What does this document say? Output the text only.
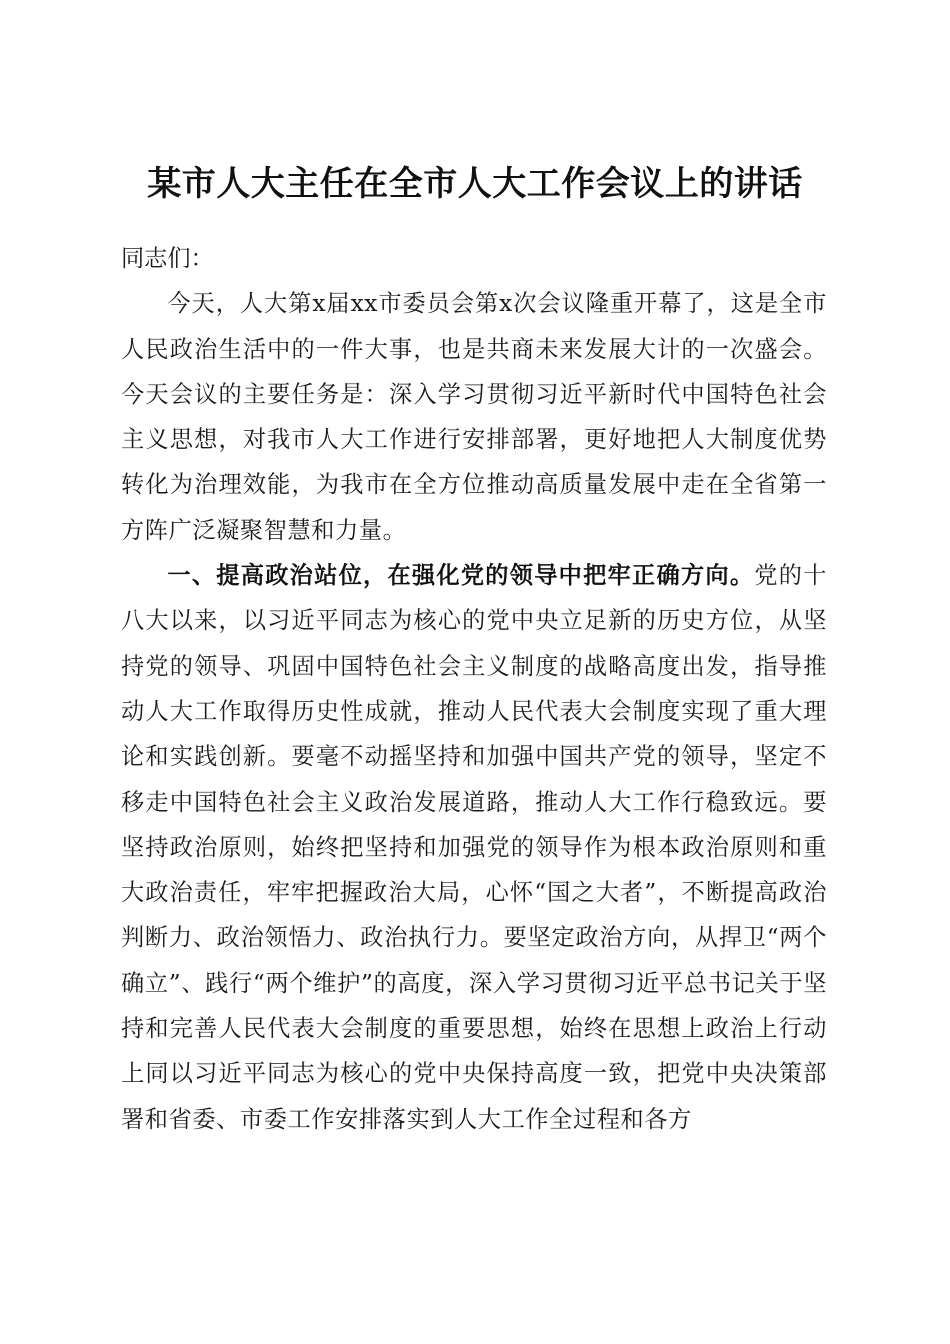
某市人大主任在全市人大工作会议上的讲话

同志们：

今天，人大第x届xx市委员会第x次会议隆重开幕了，这是全市人民政治生活中的一件大事，也是共商未来发展大计的一次盛会。今天会议的主要任务是：深入学习贯彻习近平新时代中国特色社会主义思想，对我市人大工作进行安排部署，更好地把人大制度优势转化为治理效能，为我市在全方位推动高质量发展中走在全省第一方阵广泛凝聚智慧和力量。

一、提高政治站位，在强化党的领导中把牢正确方向。党的十八大以来，以习近平同志为核心的党中央立足新的历史方位，从坚持党的领导、巩固中国特色社会主义制度的战略高度出发，指导推动人大工作取得历史性成就，推动人民代表大会制度实现了重大理论和实践创新。要毫不动摇坚持和加强中国共产党的领导，坚定不移走中国特色社会主义政治发展道路，推动人大工作行稳致远。要坚持政治原则，始终把坚持和加强党的领导作为根本政治原则和重大政治责任，牢牢把握政治大局，心怀“国之大者”，不断提高政治判断力、政治领悟力、政治执行力。要坚定政治方向，从捍卫“两个确立”、践行“两个维护”的高度，深入学习贯彻习近平总书记关于坚持和完善人民代表大会制度的重要思想，始终在思想上政治上行动上同以习近平同志为核心的党中央保持高度一致，把党中央决策部署和省委、市委工作安排落实到人大工作全过程和各方
